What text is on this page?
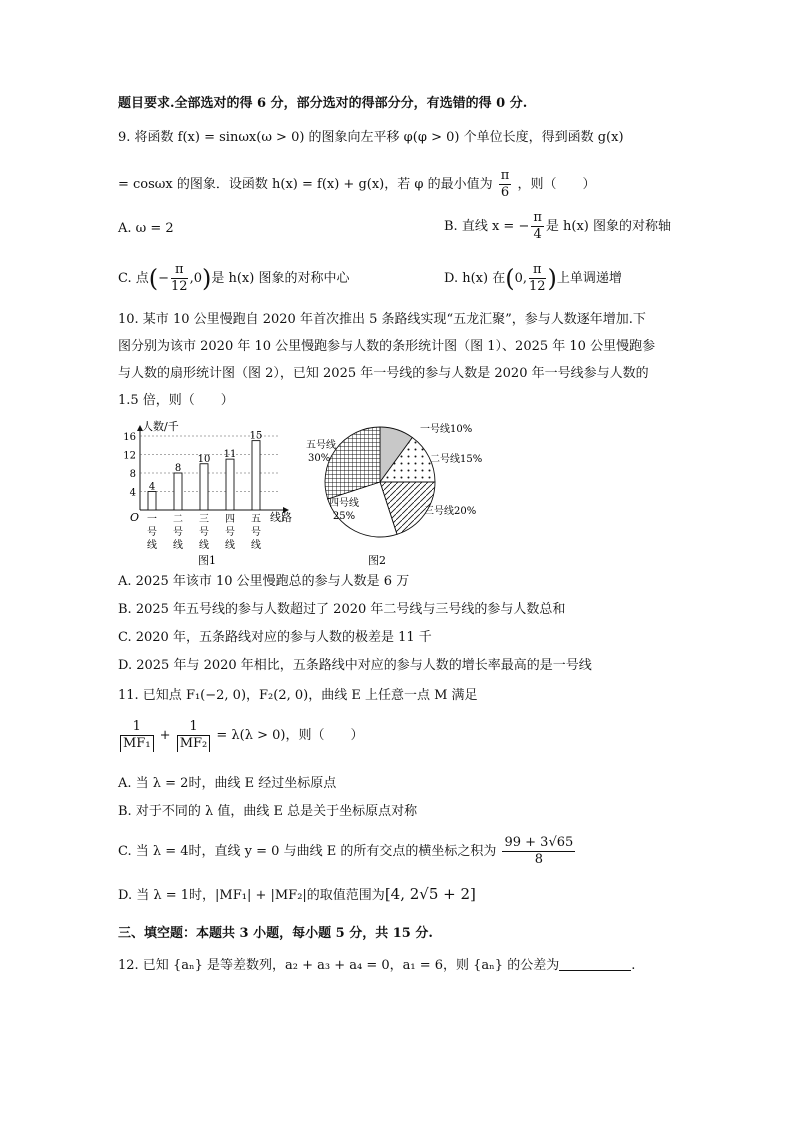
题目要求.全部选对的得 6 分，部分选对的得部分分，有选错的得 0 分.
9. 将函数 f(x) = sinωx(ω > 0) 的图象向左平移 φ(φ > 0) 个单位长度，得到函数 g(x)
= cosωx 的图象．设函数 h(x) = f(x) + g(x)，若 φ 的最小值为 $\frac{\pi}{6}$ ，则（　　）
A. ω = 2	B. 直线 x = − $\frac{\pi}{4}$ 是 h(x) 图象的对称轴
C. 点(− $\frac{\pi}{12} ,0$)是 h(x) 图象的对称中心	D. h(x) 在(0, $\frac{\pi}{12}$ )上单调递增
10. 某市 10 公里慢跑自 2020 年首次推出 5 条路线实现“五龙汇聚”，参与人数逐年增加.下
图分别为该市 2020 年 10 公里慢跑参与人数的条形统计图（图 1）、2025 年 10 公里慢跑参
与人数的扇形统计图（图 2），已知 2025 年一号线的参与人数是 2020 年一号线参与人数的
1.5 倍，则（　　）
4
8
12
16
4
一
号
线
8
二
号
线
10
三
号
线
11
四
号
线
15
五
号
线
人数/千
线路
O
图1
一号线10%
二号线15%
三号线20%
四号线
25%
五号线
30%
图2
A. 2025 年该市 10 公里慢跑总的参与人数是 6 万
B. 2025 年五号线的参与人数超过了 2020 年二号线与三号线的参与人数总和
C. 2020 年，五条路线对应的参与人数的极差是 11 千
D. 2025 年与 2020 年相比，五条路线中对应的参与人数的增长率最高的是一号线
11. 已知点 F₁(−2, 0)，F₂(2, 0)，曲线 E 上任意一点 M 满足
$\frac{1}{\text{MF₁}} + \frac{1}{\text{MF₂}} = \lambda(\lambda > 0)$，则（　　）
A. 当 λ = 2时，曲线 E 经过坐标原点
B. 对于不同的 λ 值，曲线 E 总是关于坐标原点对称
C. 当 λ = 4时，直线 y = 0 与曲线 E 的所有交点的横坐标之积为 $\frac{99 + 3√65}{8}$
D. 当 λ = 1时，|MF₁| + |MF₂|的取值范围为[4, 2√5 + 2]
三、填空题：本题共 3 小题，每小题 5 分，共 15 分.
12. 已知 {aₙ} 是等差数列，a₂ + a₃ + a₄ = 0，a₁ = 6，则 {aₙ} 的公差为	.
